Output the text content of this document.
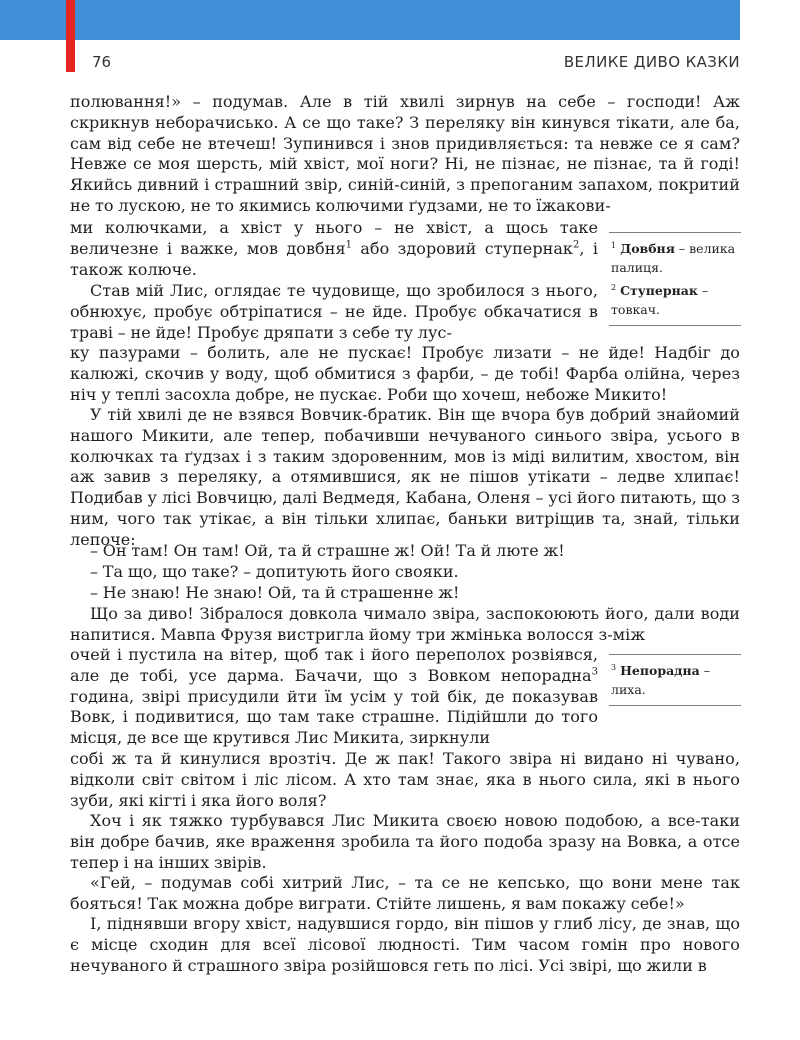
76	ВЕЛИКЕ ДИВО КАЗКИ

полювання!» – подумав. Але в тій хвилі зирнув на себе – господи! Аж скрикнув неборачисько. А се що таке? З переляку він кинувся тікати, але ба, сам від себе не втечеш! Зупинився і знов придивляється: та невже се я сам? Невже се моя шерсть, мій хвіст, мої ноги? Ні, не пізнає, не пізнає, та й годі! Якийсь дивний і страшний звір, синій-синій, з препоганим запахом, покритий не то лускою, не то якимись колючими ґудзами, не то їжакови-

ми колючками, а хвіст у нього – не хвіст, а щось таке величезне і важке, мов довбня$^1$ або здоровий ступернак$^2$, і також колюче.

Став мій Лис, оглядає те чудовище, що зробилося з нього, обнюхує, пробує обтріпатися – не йде. Пробує обкачатися в траві – не йде! Пробує дряпати з себе ту лус-

ку пазурами – болить, але не пускає! Пробує лизати – не йде! Надбіг до калюжі, скочив у воду, щоб обмитися з фарби, – де тобі! Фарба олійна, через ніч у теплі засохла добре, не пускає. Роби що хочеш, небоже Микито!

У тій хвилі де не взявся Вовчик-братик. Він ще вчора був добрий знайомий нашого Микити, але тепер, побачивши нечуваного синього звіра, усього в колючках та ґудзах і з таким здоровенним, мов із міді вилитим, хвостом, він аж завив з переляку, а отямившися, як не пішов утікати – ледве хлипає! Подибав у лісі Вовчицю, далі Ведмедя, Кабана, Оленя – усі його питають, що з ним, чого так утікає, а він тільки хлипає, баньки витріщив та, знай, тільки лепоче:

– Он там! Он там! Ой, та й страшне ж! Ой! Та й люте ж!

– Та що, що таке? – допитують його свояки.

– Не знаю! Не знаю! Ой, та й страшенне ж!

Що за диво! Зібралося довкола чимало звіра, заспокоюють його, дали води напитися. Мавпа Фрузя вистригла йому три жмінька волосся з-між

очей і пустила на вітер, щоб так і його переполох розвіявся, але де тобі, усе дарма. Бачачи, що з Вовком непорадна$^3$ година, звірі присудили йти їм усім у той бік, де показував Вовк, і подивитися, що там таке страшне. Підійшли до того місця, де все ще крутився Лис Микита, зиркнули

собі ж та й кинулися врозтіч. Де ж пак! Такого звіра ні видано ні чувано, відколи світ світом і ліс лісом. А хто там знає, яка в нього сила, які в нього зуби, які кігті і яка його воля?

Хоч і як тяжко турбувався Лис Микита своєю новою подобою, а все-таки він добре бачив, яке враження зробила та його подоба зразу на Вовка, а отсе тепер і на інших звірів.

«Гей, – подумав собі хитрий Лис, – та се не кепсько, що вони мене так бояться! Так можна добре виграти. Стійте лишень, я вам покажу себе!»

І, піднявши вгору хвіст, надувшися гордо, він пішов у глиб лісу, де знав, що є місце сходин для всеї лісової людності. Тим часом гомін про нового нечуваного й страшного звіра розійшовся геть по лісі. Усі звірі, що жили в

$^1$ Довбня – велика палиця.

$^2$ Ступернак – товкач.

$^3$ Непорадна – лиха.
